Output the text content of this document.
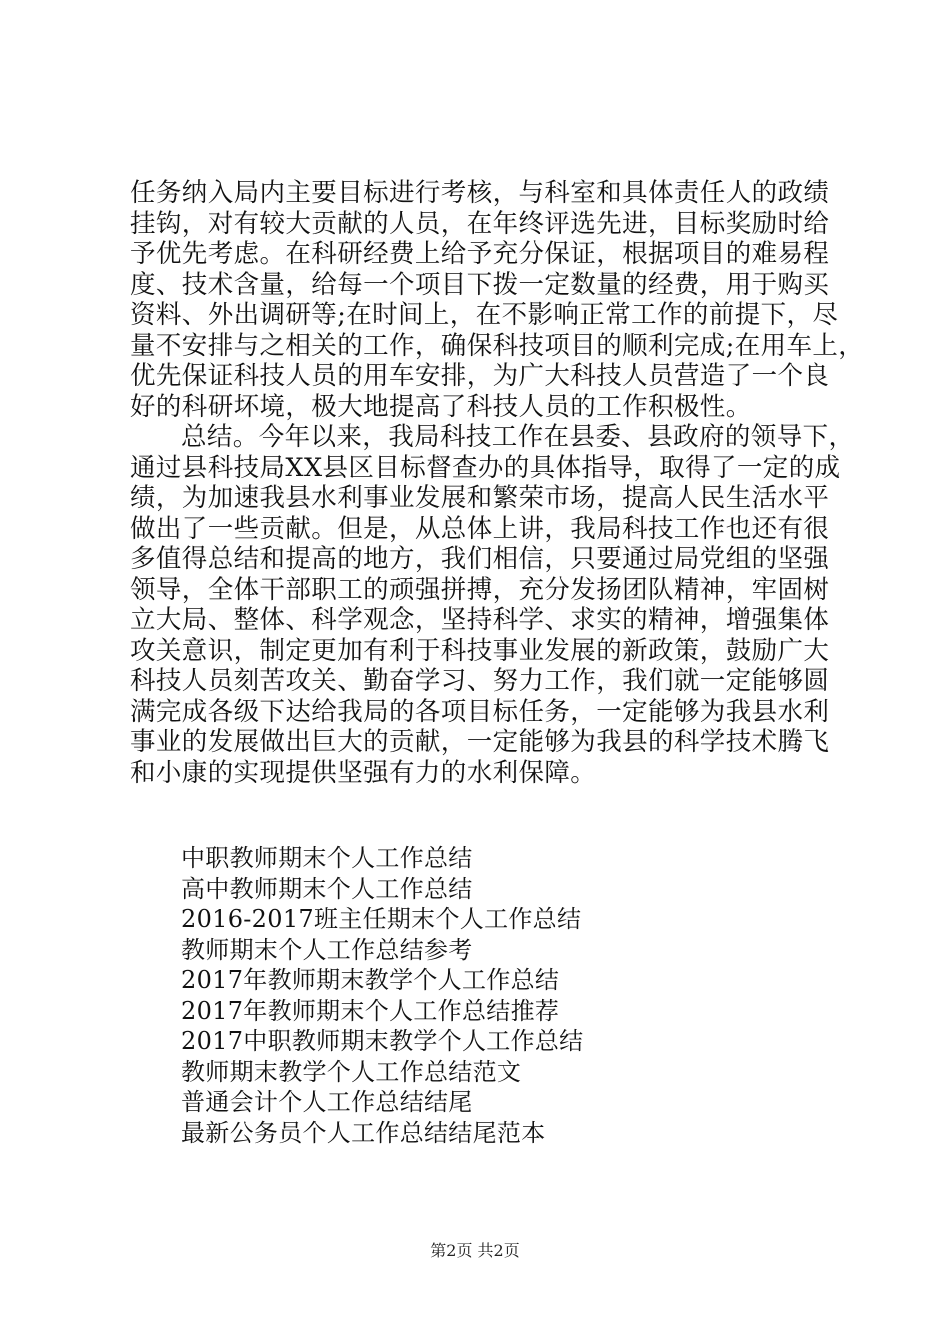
任务纳入局内主要目标进行考核，与科室和具体责任人的政绩
挂钩，对有较大贡献的人员，在年终评选先进，目标奖励时给
予优先考虑。在科研经费上给予充分保证，根据项目的难易程
度、技术含量，给每一个项目下拨一定数量的经费，用于购买
资料、外出调研等;在时间上，在不影响正常工作的前提下，尽
量不安排与之相关的工作，确保科技项目的顺利完成;在用车上，
优先保证科技人员的用车安排，为广大科技人员营造了一个良
好的科研坏境，极大地提高了科技人员的工作积极性。
总结。今年以来，我局科技工作在县委、县政府的领导下，
通过县科技局XX县区目标督查办的具体指导，取得了一定的成
绩，为加速我县水利事业发展和繁荣市场，提高人民生活水平
做出了一些贡献。但是，从总体上讲，我局科技工作也还有很
多值得总结和提高的地方，我们相信，只要通过局党组的坚强
领导，全体干部职工的顽强拼搏，充分发扬团队精神，牢固树
立大局、整体、科学观念，坚持科学、求实的精神，增强集体
攻关意识，制定更加有利于科技事业发展的新政策，鼓励广大
科技人员刻苦攻关、勤奋学习、努力工作，我们就一定能够圆
满完成各级下达给我局的各项目标任务，一定能够为我县水利
事业的发展做出巨大的贡献，一定能够为我县的科学技术腾飞
和小康的实现提供坚强有力的水利保障。
中职教师期末个人工作总结
高中教师期末个人工作总结
2016-2017班主任期末个人工作总结
教师期末个人工作总结参考
2017年教师期末教学个人工作总结
2017年教师期末个人工作总结推荐
2017中职教师期末教学个人工作总结
教师期末教学个人工作总结范文
普通会计个人工作总结结尾
最新公务员个人工作总结结尾范本
第2页 共2页
